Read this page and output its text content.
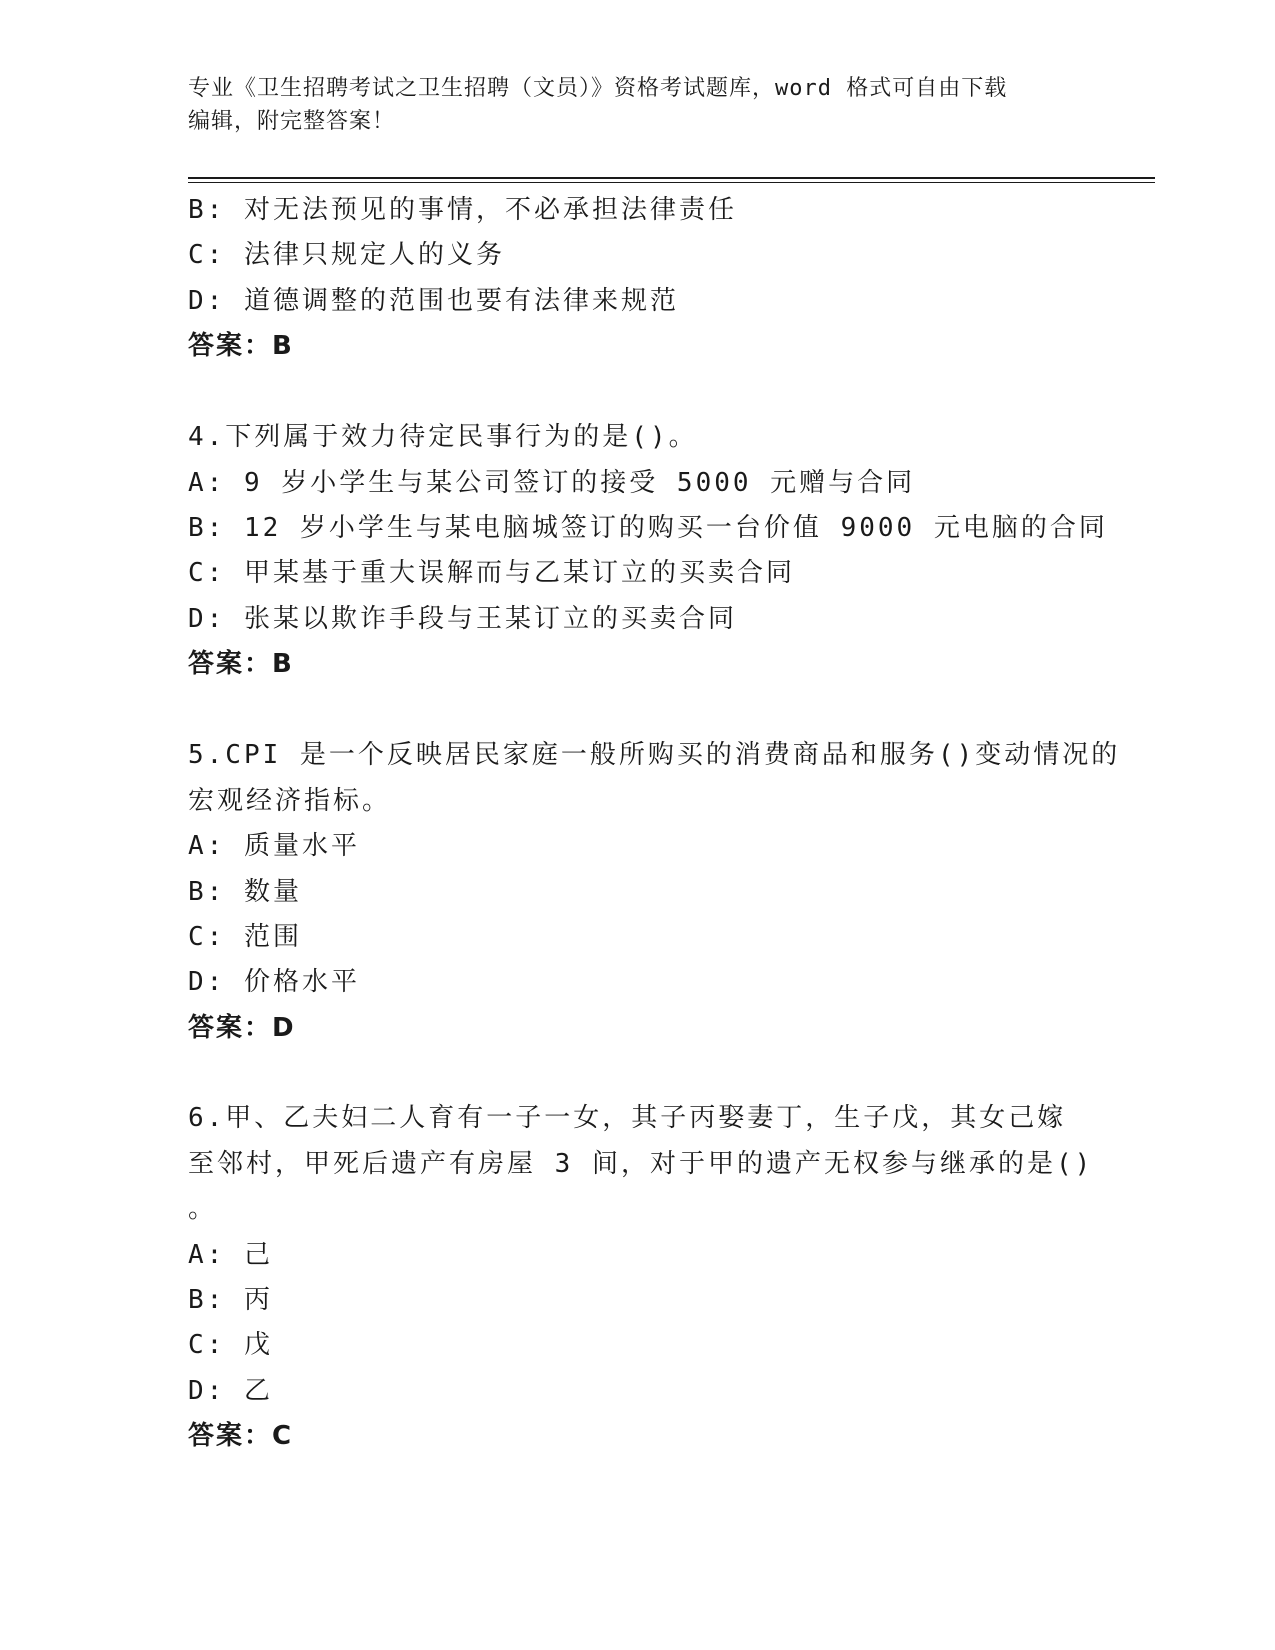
专业《卫生招聘考试之卫生招聘（文员）》资格考试题库，word 格式可自由下载
编辑，附完整答案！
B: 对无法预见的事情，不必承担法律责任
C: 法律只规定人的义务
D: 道德调整的范围也要有法律来规范
答案：B
4.下列属于效力待定民事行为的是()。
A: 9 岁小学生与某公司签订的接受 5000 元赠与合同
B: 12 岁小学生与某电脑城签订的购买一台价值 9000 元电脑的合同
C: 甲某基于重大误解而与乙某订立的买卖合同
D: 张某以欺诈手段与王某订立的买卖合同
答案：B
5.CPI 是一个反映居民家庭一般所购买的消费商品和服务()变动情况的
宏观经济指标。
A: 质量水平
B: 数量
C: 范围
D: 价格水平
答案：D
6.甲、乙夫妇二人育有一子一女，其子丙娶妻丁，生子戊，其女己嫁
至邻村，甲死后遗产有房屋 3 间，对于甲的遗产无权参与继承的是()
。
A: 己
B: 丙
C: 戊
D: 乙
答案：C
